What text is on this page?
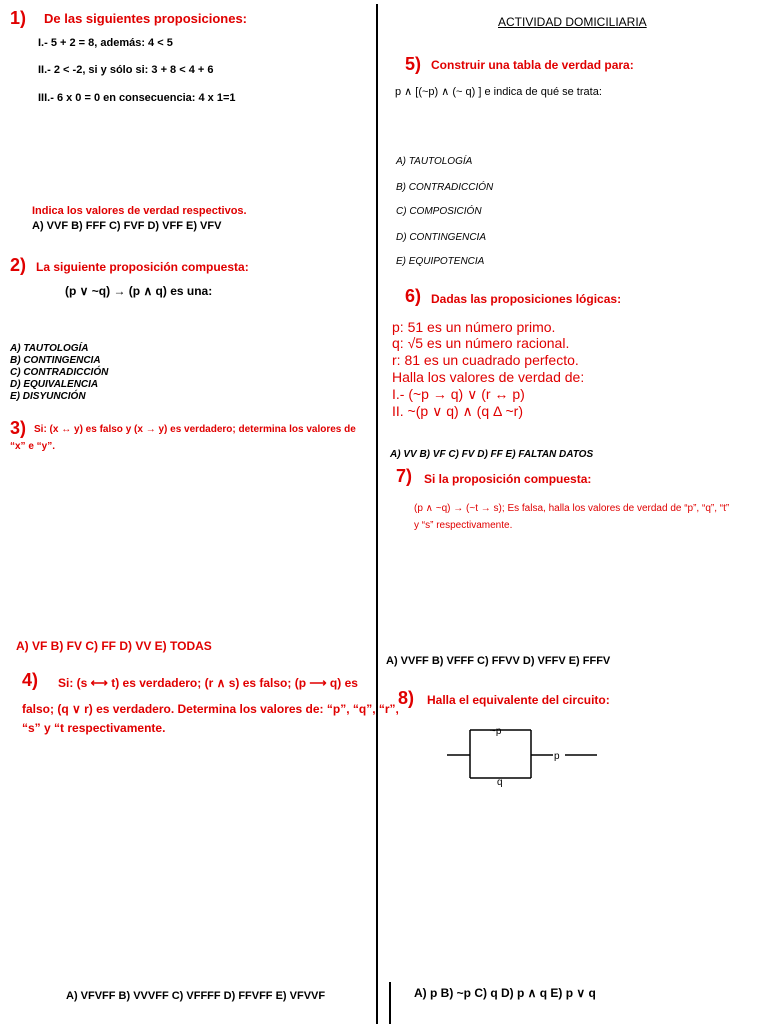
ACTIVIDAD DOMICILIARIA
1) De las siguientes proposiciones:
I.- 5 + 2 = 8, además: 4 < 5
II.- 2 < -2, si y sólo si: 3 + 8 < 4 + 6
III.- 6 x 0 = 0 en consecuencia: 4 x 1=1
Indica los valores de verdad respectivos.
A) VVF B) FFF C) FVF D) VFF E) VFV
2) La siguiente proposición compuesta:
(p ∨ ~q) → (p ∧ q) es una:
A) TAUTOLOGÍA
B) CONTINGENCIA
C) CONTRADICCIÓN
D) EQUIVALENCIA
E) DISYUNCIÓN
3) Si: (x ↔ y) es falso y (x → y) es verdadero; determina los valores de
“x” e “y”.
A) VF B) FV C) FF D) VV E) TODAS
4) Si: (s ⟷ t) es verdadero; (r ∧ s) es falso; (p ⟶ q) es
falso; (q ∨ r) es verdadero. Determina los valores de: “p”, “q”, “r”,
“s” y “t respectivamente.
A) VFVFF B) VVVFF C) VFFFF D) FFVFF E) VFVVF
5) Construir una tabla de verdad para:
p ∧ [(~p) ∧ (~ q) ] e indica de qué se trata:
A) TAUTOLOGÍA
B) CONTRADICCIÓN
C) COMPOSICIÓN
D) CONTINGENCIA
E) EQUIPOTENCIA
6) Dadas las proposiciones lógicas:
p: 51 es un número primo.
q: √5 es un número racional.
r: 81 es un cuadrado perfecto.
Halla los valores de verdad de:
I.- (~p → q) ∨ (r ↔ p)
II. ~(p ∨ q) ∧ (q Δ ~r)
A) VV B) VF C) FV D) FF E) FALTAN DATOS
7) Si la proposición compuesta:
(p ∧ ~q) → (~t → s); Es falsa, halla los valores de verdad de “p”, “q”, “t”
y “s” respectivamente.
A) VVFF B) VFFF C) FFVV D) VFFV E) FFFV
8) Halla el equivalente del circuito:
~p
q
p
A) p B) ~p C) q D) p ∧ q E) p ∨ q
